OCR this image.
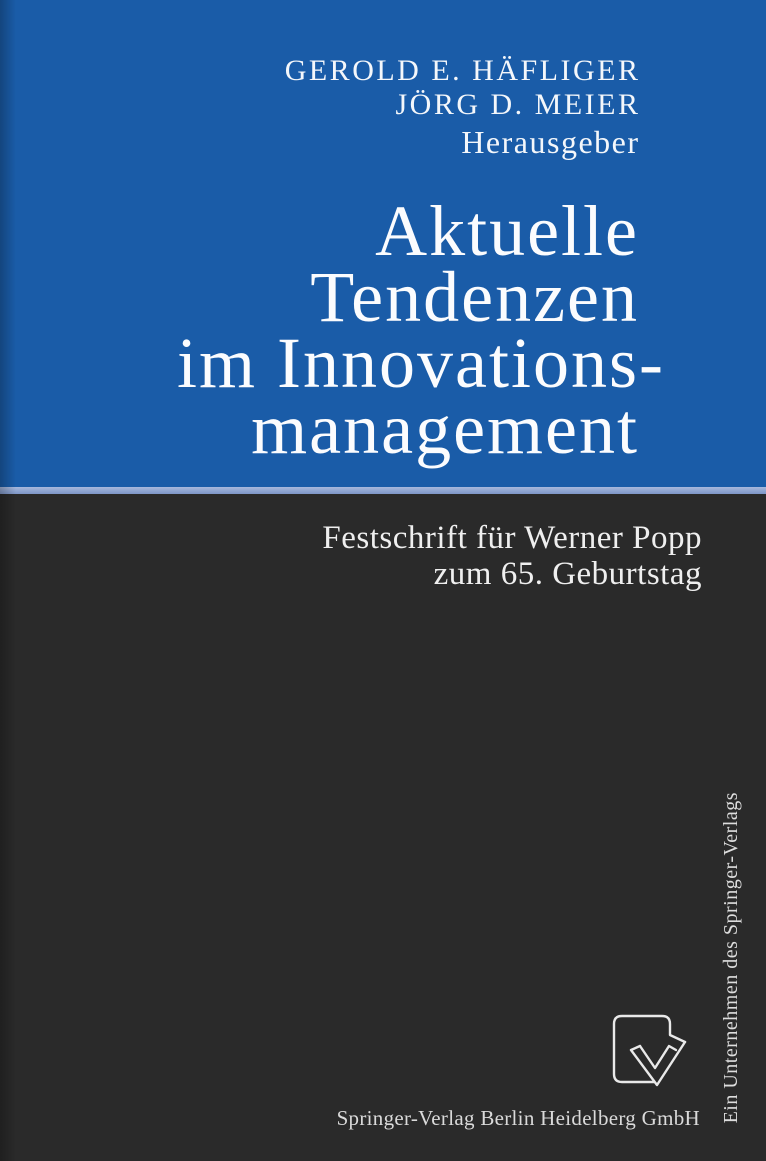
GEROLD E. HÄFLIGER
JÖRG D. MEIER
Herausgeber
Aktuelle
Tendenzen
im Innovations-
management
Festschrift für Werner Popp
zum 65. Geburtstag
Springer-Verlag Berlin Heidelberg GmbH Ein Unternehmen des Springer-Verlags
